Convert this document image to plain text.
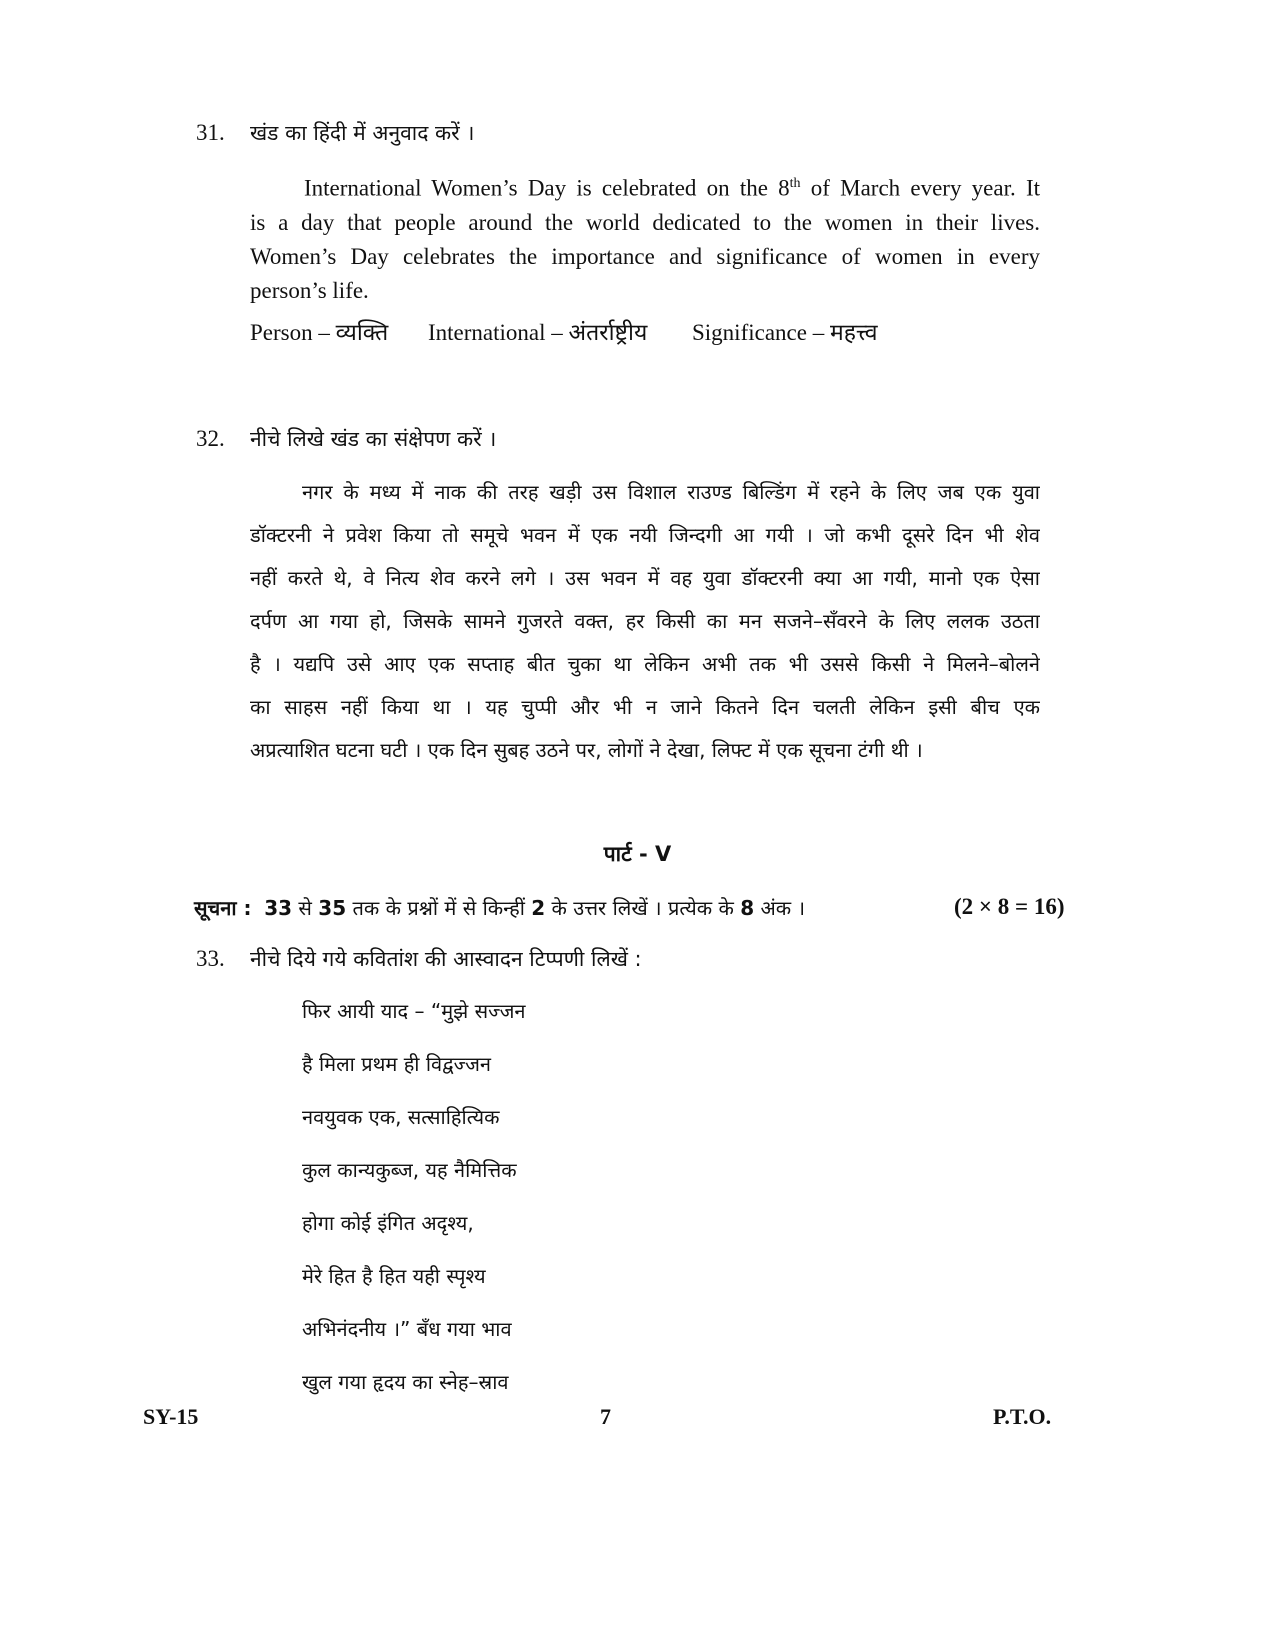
31. खंड का हिंदी में अनुवाद करें ।
International Women’s Day is celebrated on the 8th of March every year. It
is a day that people around the world dedicated to the women in their lives.
Women’s Day celebrates the importance and significance of women in every
person’s life.
Person – व्यक्ति International – अंतर्राष्ट्रीय Significance – महत्त्व
32. नीचे लिखे खंड का संक्षेपण करें ।
नगर के मध्य में नाक की तरह खड़ी उस विशाल राउण्ड बिल्डिंग में रहने के लिए जब एक युवा
डॉक्टरनी ने प्रवेश किया तो समूचे भवन में एक नयी जिन्दगी आ गयी । जो कभी दूसरे दिन भी शेव
नहीं करते थे, वे नित्य शेव करने लगे । उस भवन में वह युवा डॉक्टरनी क्या आ गयी, मानो एक ऐसा
दर्पण आ गया हो, जिसके सामने गुजरते वक्त, हर किसी का मन सजने–सँवरने के लिए ललक उठता
है । यद्यपि उसे आए एक सप्ताह बीत चुका था लेकिन अभी तक भी उससे किसी ने मिलने–बोलने
का साहस नहीं किया था । यह चुप्पी और भी न जाने कितने दिन चलती लेकिन इसी बीच एक
अप्रत्याशित घटना घटी । एक दिन सुबह उठने पर, लोगों ने देखा, लिफ्ट में एक सूचना टंगी थी ।
पार्ट - V
सूचना : 33 से 35 तक के प्रश्नों में से किन्हीं 2 के उत्तर लिखें । प्रत्येक के 8 अंक ।	(2 × 8 = 16)
33. नीचे दिये गये कवितांश की आस्वादन टिप्पणी लिखें :
फिर आयी याद – “मुझे सज्जन
है मिला प्रथम ही विद्वज्जन
नवयुवक एक, सत्साहित्यिक
कुल कान्यकुब्ज, यह नैमित्तिक
होगा कोई इंगित अदृश्य,
मेरे हित है हित यही स्पृश्य
अभिनंदनीय ।” बँध गया भाव
खुल गया हृदय का स्नेह–स्राव
SY-15	7	P.T.O.
